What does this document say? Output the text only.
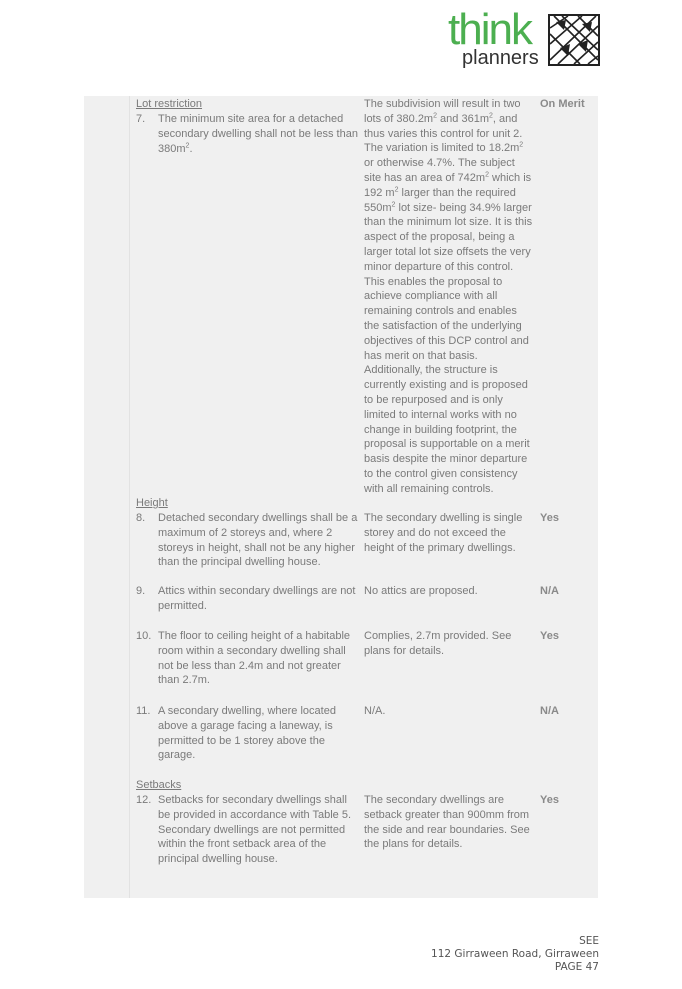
think
planners
Lot restriction
7. The minimum site area for a detached secondary dwelling shall not be less than $380m^2$.
The subdivision will result in two lots of $380.2m^2$ and $361m^2$, and thus varies this control for unit 2. The variation is limited to $18.2m^2$ or otherwise 4.7%. The subject site has an area of $742m^2$ which is 192 $m^2$ larger than the required $550m^2$ lot size- being 34.9% larger than the minimum lot size. It is this aspect of the proposal, being a larger total lot size offsets the very minor departure of this control. This enables the proposal to achieve compliance with all remaining controls and enables the satisfaction of the underlying objectives of this DCP control and has merit on that basis. Additionally, the structure is currently existing and is proposed to be repurposed and is only limited to internal works with no change in building footprint, the proposal is supportable on a merit basis despite the minor departure to the control given consistency with all remaining controls.
On Merit
Height
8. Detached secondary dwellings shall be a maximum of 2 storeys and, where 2 storeys in height, shall not be any higher than the principal dwelling house.
The secondary dwelling is single storey and do not exceed the height of the primary dwellings.
Yes
9. Attics within secondary dwellings are not permitted.
No attics are proposed.	N/A
10. The floor to ceiling height of a habitable room within a secondary dwelling shall not be less than 2.4m and not greater than 2.7m.
Complies, 2.7m provided. See plans for details.
Yes
11. A secondary dwelling, where located above a garage facing a laneway, is permitted to be 1 storey above the garage.
N/A.	N/A
Setbacks
12. Setbacks for secondary dwellings shall be provided in accordance with Table 5. Secondary dwellings are not permitted within the front setback area of the principal dwelling house.
The secondary dwellings are setback greater than 900mm from the side and rear boundaries. See the plans for details.
Yes
SEE
112 Girraween Road, Girraween
PAGE 47
